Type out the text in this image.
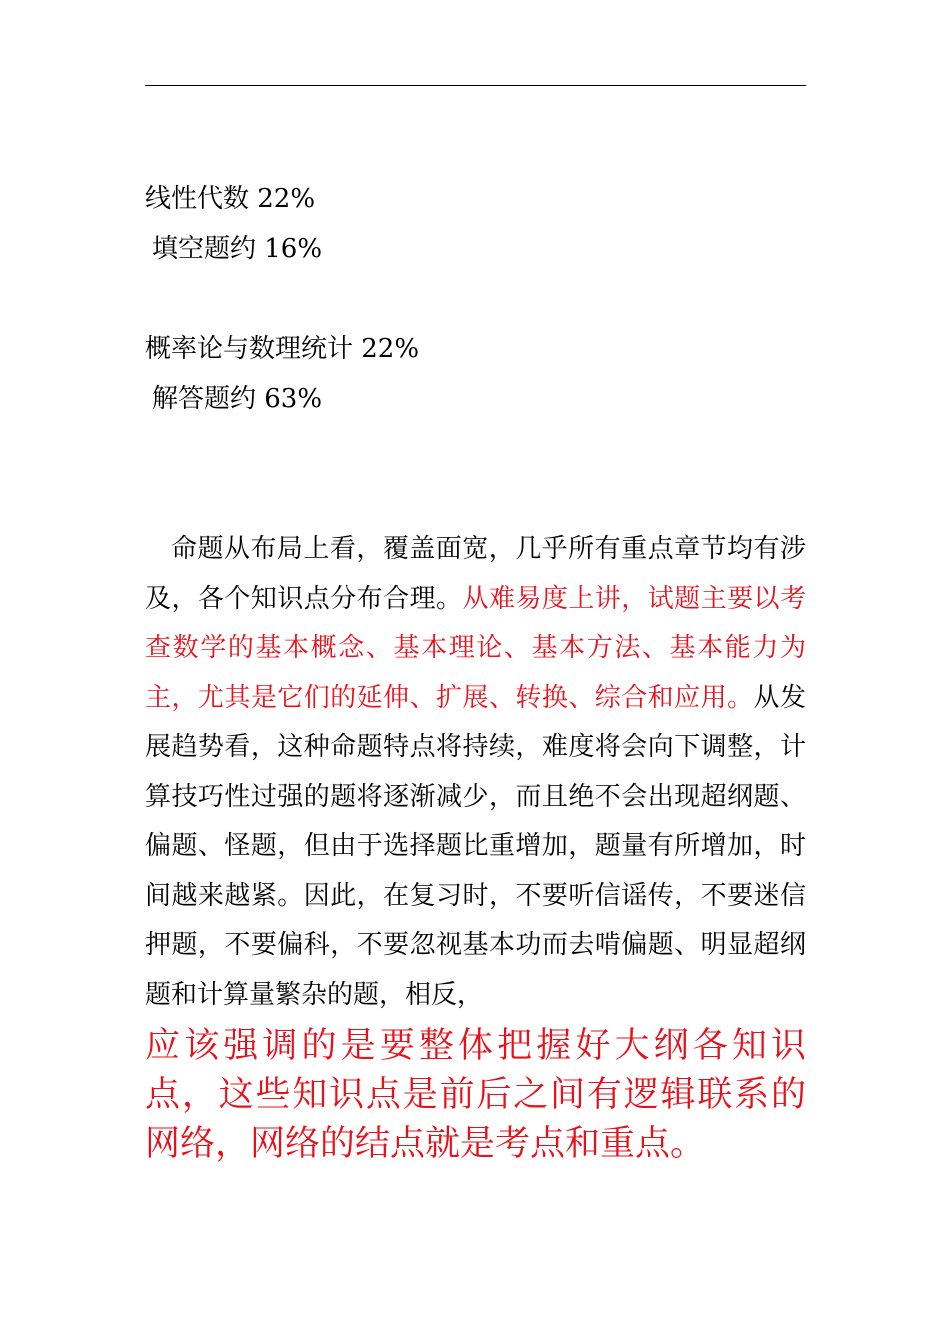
线性代数 22%
填空题约 16%
概率论与数理统计 22%
解答题约 63%
命题从布局上看，覆盖面宽，几乎所有重点章节均有涉及，各个知识点分布合理。从难易度上讲，试题主要以考查数学的基本概念、基本理论、基本方法、基本能力为主，尤其是它们的延伸、扩展、转换、综合和应用。从发展趋势看，这种命题特点将持续，难度将会向下调整，计算技巧性过强的题将逐渐减少，而且绝不会出现超纲题、偏题、怪题，但由于选择题比重增加，题量有所增加，时间越来越紧。因此，在复习时，不要听信谣传，不要迷信押题，不要偏科，不要忽视基本功而去啃偏题、明显超纲题和计算量繁杂的题，相反，
应该强调的是要整体把握好大纲各知识点，这些知识点是前后之间有逻辑联系的网络，网络的结点就是考点和重点。
